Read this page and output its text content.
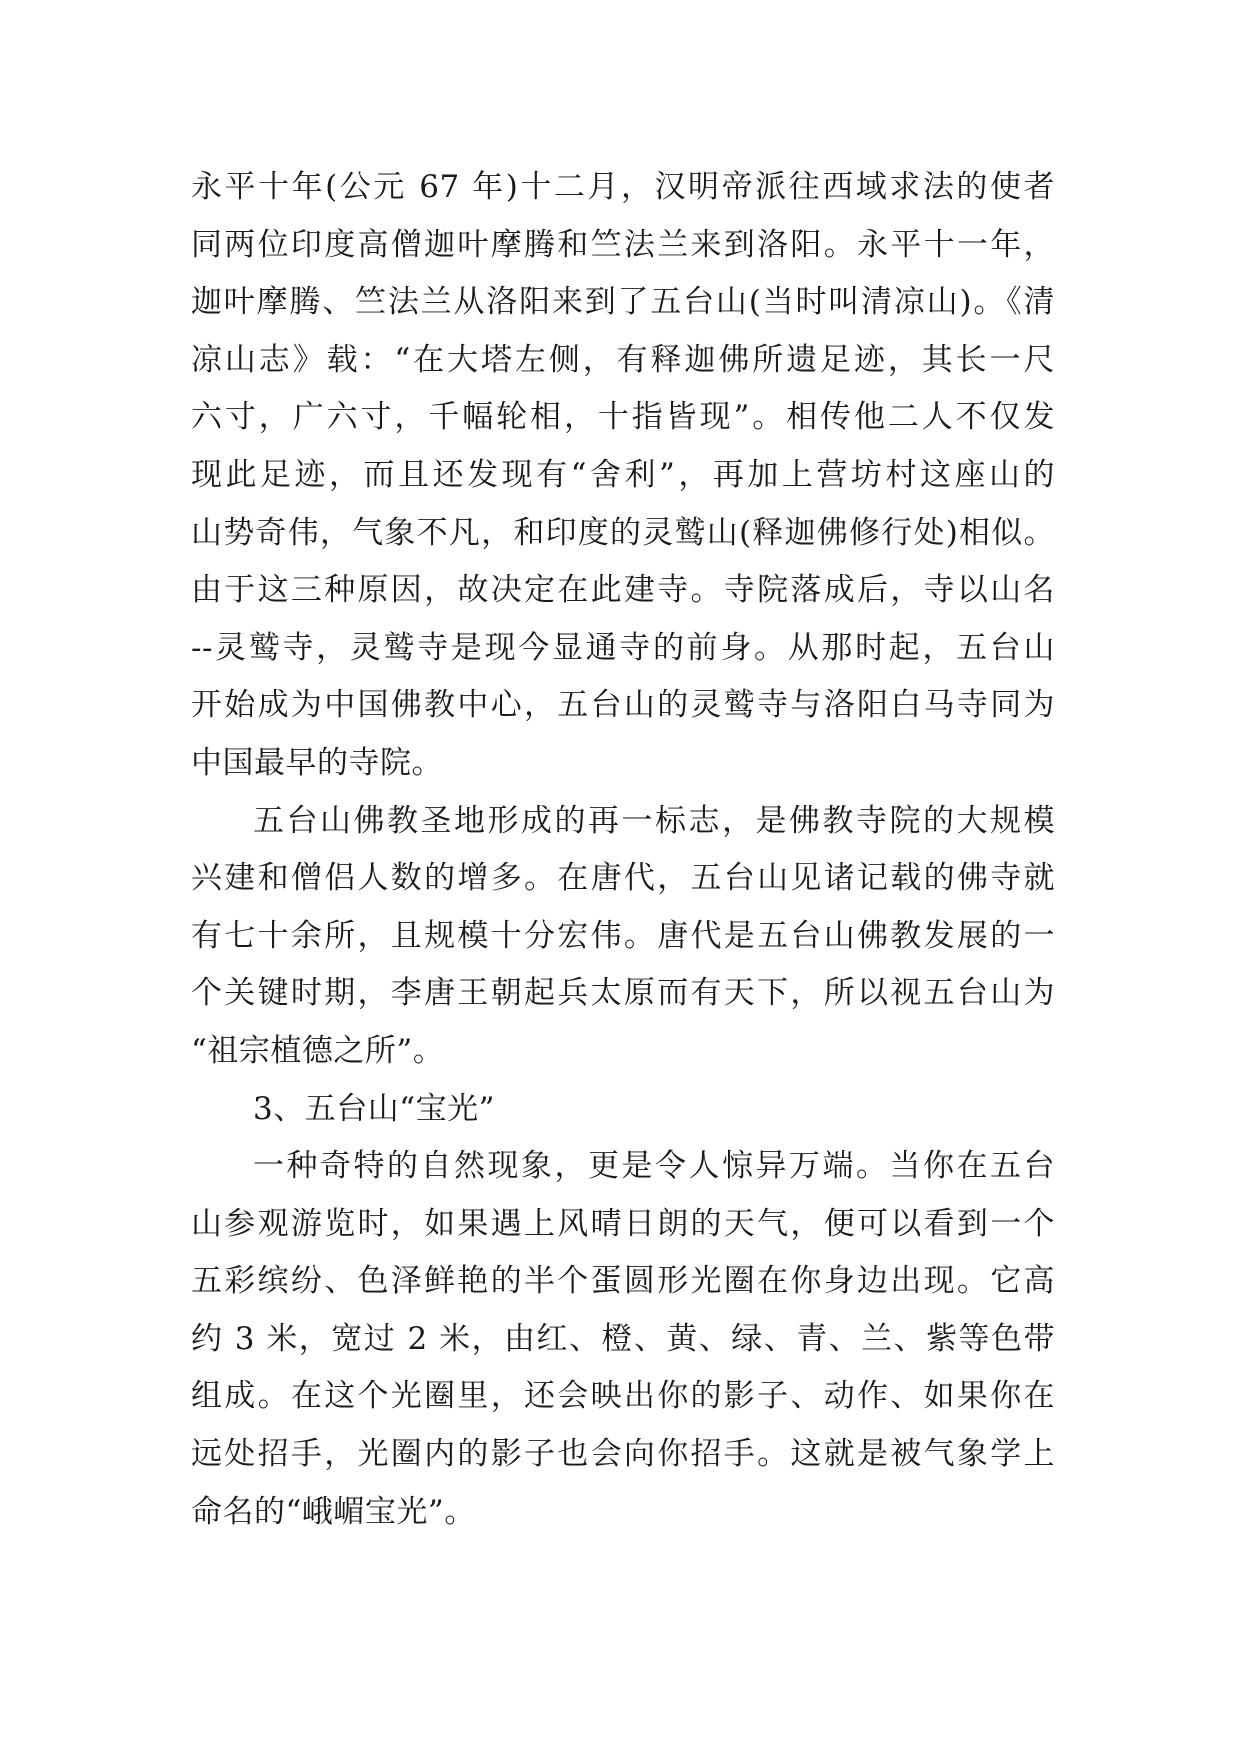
永平十年(公元 67 年)十二月，汉明帝派往西域求法的使者
同两位印度高僧迦叶摩腾和竺法兰来到洛阳。永平十一年，
迦叶摩腾、竺法兰从洛阳来到了五台山(当时叫清凉山)。《清
凉山志》载：“在大塔左侧，有释迦佛所遗足迹，其长一尺
六寸，广六寸，千幅轮相，十指皆现”。相传他二人不仅发
现此足迹，而且还发现有“舍利”，再加上营坊村这座山的
山势奇伟，气象不凡，和印度的灵鹫山(释迦佛修行处)相似。
由于这三种原因，故决定在此建寺。寺院落成后，寺以山名
--灵鹫寺，灵鹫寺是现今显通寺的前身。从那时起，五台山
开始成为中国佛教中心，五台山的灵鹫寺与洛阳白马寺同为
中国最早的寺院。
五台山佛教圣地形成的再一标志，是佛教寺院的大规模
兴建和僧侣人数的增多。在唐代，五台山见诸记载的佛寺就
有七十余所，且规模十分宏伟。唐代是五台山佛教发展的一
个关键时期，李唐王朝起兵太原而有天下，所以视五台山为
“祖宗植德之所”。
3、五台山“宝光”
一种奇特的自然现象，更是令人惊异万端。当你在五台
山参观游览时，如果遇上风晴日朗的天气，便可以看到一个
五彩缤纷、色泽鲜艳的半个蛋圆形光圈在你身边出现。它高
约 3 米，宽过 2 米，由红、橙、黄、绿、青、兰、紫等色带
组成。在这个光圈里，还会映出你的影子、动作、如果你在
远处招手，光圈内的影子也会向你招手。这就是被气象学上
命名的“峨嵋宝光”。
